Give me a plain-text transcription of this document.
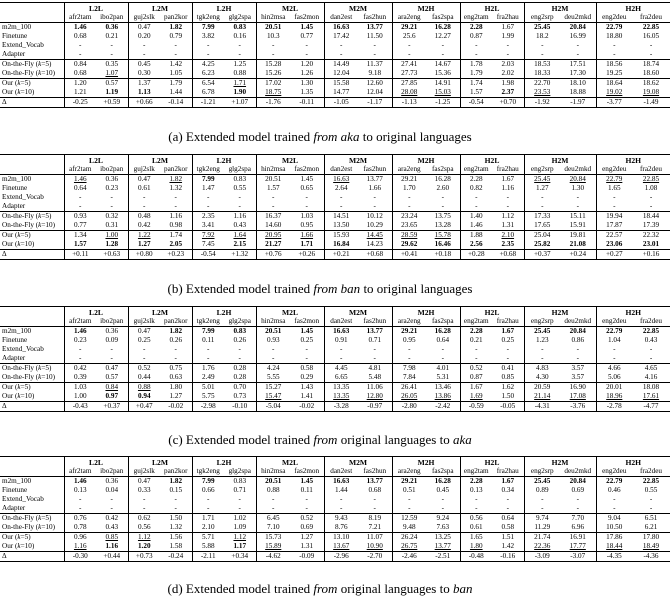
	L2L		L2M		L2H		M2L		M2M		M2H		H2L		H2M		H2H	
	afr2tam	ibo2pan	guj2slk	pan2kor	tgk2eng	glg2spa	hin2msa	fas2mon	dan2est	fas2hun	ara2eng	fas2spa	eng2tam	fra2hau	eng2srp	deu2mkd	eng2deu	fra2deu
m2m_100	1.46	0.36	0.47	1.82	7.99	0.83	20.51	1.45	16.63	13.77	29.21	16.28	2.28	1.67	25.45	20.84	22.79	22.85
Finetune	0.68	0.21	0.20	0.79	3.82	0.16	10.3	0.77	17.42	11.50	25.6	12.27	0.87	1.99	18.2	16.99	18.80	16.05
Extend_Vocab	-	-	-	-	-	-	-	-	-	-	-	-	-	-	-	-	-	-
Adapter	-	-	-	-	-	-	-	-	-	-	-	-	-	-	-	-	-	-
On-the-Fly (k=5)	0.84	0.35	0.45	1.42	4.25	1.25	15.28	1.20	14.49	11.37	27.41	14.67	1.78	2.03	18.53	17.51	18.56	18.74
On-the-Fly (k=10)	0.68	1.07	0.30	1.05	6.23	0.88	15.26	1.26	12.04	9.18	27.73	15.36	1.79	2.02	18.33	17.30	19.25	18.60
Our (k=5)	1.20	0.57	1.37	1.79	6.54	1.71	17.02	1.30	15.58	12.60	27.85	14.91	1.74	1.98	22.70	18.10	18.64	18.62
Our (k=10)	1.21	1.19	1.13	1.44	6.78	1.90	18.75	1.35	14.77	12.04	28.08	15.03	1.57	2.37	23.53	18.88	19.02	19.08
Δ	-0.25	+0.59	+0.66	-0.14	-1.21	+1.07	-1.76	-0.11	-1.05	-1.17	-1.13	-1.25	-0.54	+0.70	-1.92	-1.97	-3.77	-1.49
(a) Extended model trained from aka to original languages
	L2L		L2M		L2H		M2L		M2M		M2H		H2L		H2M		H2H	
	afr2tam	ibo2pan	guj2slk	pan2kor	tgk2eng	glg2spa	hin2msa	fas2mon	dan2est	fas2hun	ara2eng	fas2spa	eng2tam	fra2hau	eng2srp	deu2mkd	eng2deu	fra2deu
m2m_100	1.46	0.36	0.47	1.82	7.99	0.83	20.51	1.45	16.63	13.77	29.21	16.28	2.28	1.67	25.45	20.84	22.79	22.85
Finetune	0.64	0.23	0.61	1.32	1.47	0.55	1.57	0.65	2.64	1.66	1.70	2.60	0.82	1.16	1.27	1.30	1.65	1.08
Extend_Vocab	-	-	-	-	-	-	-	-	-	-	-	-	-	-	-	-	-	-
Adapter	-	-	-	-	-	-	-	-	-	-	-	-	-	-	-	-	-	-
On-the-Fly (k=5)	0.93	0.32	0.48	1.16	2.35	1.16	16.37	1.03	14.51	10.12	23.24	13.75	1.40	1.12	17.33	15.11	19.94	18.44
On-the-Fly (k=10)	0.77	0.31	0.42	0.98	3.41	0.43	14.60	0.95	13.50	10.29	23.65	13.28	1.46	1.31	17.65	15.91	17.87	17.39
Our (k=5)	1.34	1.00	1.22	1.74	7.92	1.64	20.95	1.66	15.93	14.45	28.59	15.78	1.88	2.10	25.04	19.81	22.57	22.32
Our (k=10)	1.57	1.28	1.27	2.05	7.45	2.15	21.27	1.71	16.84	14.23	29.62	16.46	2.56	2.35	25.82	21.08	23.06	23.01
Δ	+0.11	+0.63	+0.80	+0.23	-0.54	+1.32	+0.76	+0.26	+0.21	+0.68	+0.41	+0.18	+0.28	+0.68	+0.37	+0.24	+0.27	+0.16
(b) Extended model trained from ban to original languages
	L2L		L2M		L2H		M2L		M2M		M2H		H2L		H2M		H2H	
	afr2tam	ibo2pan	guj2slk	pan2kor	tgk2eng	glg2spa	hin2msa	fas2mon	dan2est	fas2hun	ara2eng	fas2spa	eng2tam	fra2hau	eng2srp	deu2mkd	eng2deu	fra2deu
m2m_100	1.46	0.36	0.47	1.82	7.99	0.83	20.51	1.45	16.63	13.77	29.21	16.28	2.28	1.67	25.45	20.84	22.79	22.85
Finetune	0.23	0.09	0.25	0.26	0.11	0.26	0.93	0.25	0.91	0.71	0.95	0.64	0.21	0.25	1.23	0.86	1.04	0.43
Extend_Vocab	-	-	-	-	-	-	-	-	-	-	-	-	-	-	-	-	-	-
Adapter	-	-	-	-	-	-	-	-	-	-	-	-	-	-	-	-	-	-
On-the-Fly (k=5)	0.42	0.47	0.52	0.75	1.76	0.28	4.24	0.58	4.45	4.81	7.98	4.01	0.52	0.41	4.83	3.57	4.66	4.65
On-the-Fly (k=10)	0.39	0.57	0.44	0.63	2.49	0.28	5.55	0.29	6.65	5.48	7.84	5.31	0.87	0.85	4.30	3.57	5.06	4.16
Our (k=5)	1.03	0.84	0.88	1.80	5.01	0.70	15.27	1.43	13.35	11.06	26.41	13.46	1.67	1.62	20.59	16.90	20.01	18.08
Our (k=10)	1.00	0.97	0.94	1.27	5.75	0.73	15.47	1.41	13.35	12.80	26.05	13.86	1.69	1.50	21.14	17.08	18.96	17.61
Δ	-0.43	+0.37	+0.47	-0.02	-2.98	-0.10	-5.04	-0.02	-3.28	-0.97	-2.80	-2.42	-0.59	-0.05	-4.31	-3.76	-2.78	-4.77
(c) Extended model trained from original languages to aka
	L2L		L2M		L2H		M2L		M2M		M2H		H2L		H2M		H2H	
	afr2tam	ibo2pan	guj2slk	pan2kor	tgk2eng	glg2spa	hin2msa	fas2mon	dan2est	fas2hun	ara2eng	fas2spa	eng2tam	fra2hau	eng2srp	deu2mkd	eng2deu	fra2deu
m2m_100	1.46	0.36	0.47	1.82	7.99	0.83	20.51	1.45	16.63	13.77	29.21	16.28	2.28	1.67	25.45	20.84	22.79	22.85
Finetune	0.13	0.04	0.33	0.15	0.66	0.71	0.88	0.11	1.44	0.68	0.51	0.45	0.13	0.34	0.89	0.69	0.46	0.55
Extend_Vocab	-	-	-	-	-	-	-	-	-	-	-	-	-	-	-	-	-	-
Adapter	-	-	-	-	-	-	-	-	-	-	-	-	-	-	-	-	-	-
On-the-Fly (k=5)	0.76	0.42	0.62	1.50	1.71	1.02	6.45	0.52	9.43	8.19	12.59	9.24	0.56	0.64	9.74	7.70	9.04	6.51
On-the-Fly (k=10)	0.78	0.43	0.56	1.32	2.10	1.09	7.10	0.69	8.76	7.21	9.48	7.63	0.61	0.58	11.29	6.96	10.50	6.21
Our (k=5)	0.96	0.85	1.12	1.56	5.71	1.12	15.73	1.27	13.10	11.07	26.24	13.25	1.65	1.51	21.74	16.91	17.86	17.80
Our (k=10)	1.16	1.16	1.20	1.58	5.88	1.17	15.89	1.31	13.67	10.90	26.75	13.77	1.80	1.42	22.36	17.77	18.44	18.49
Δ	-0.30	+0.44	+0.73	-0.24	-2.11	+0.34	-4.62	-0.09	-2.96	-2.70	-2.46	-2.51	-0.48	-0.16	-3.09	-3.07	-4.35	-4.36
(d) Extended model trained from original languages to ban
